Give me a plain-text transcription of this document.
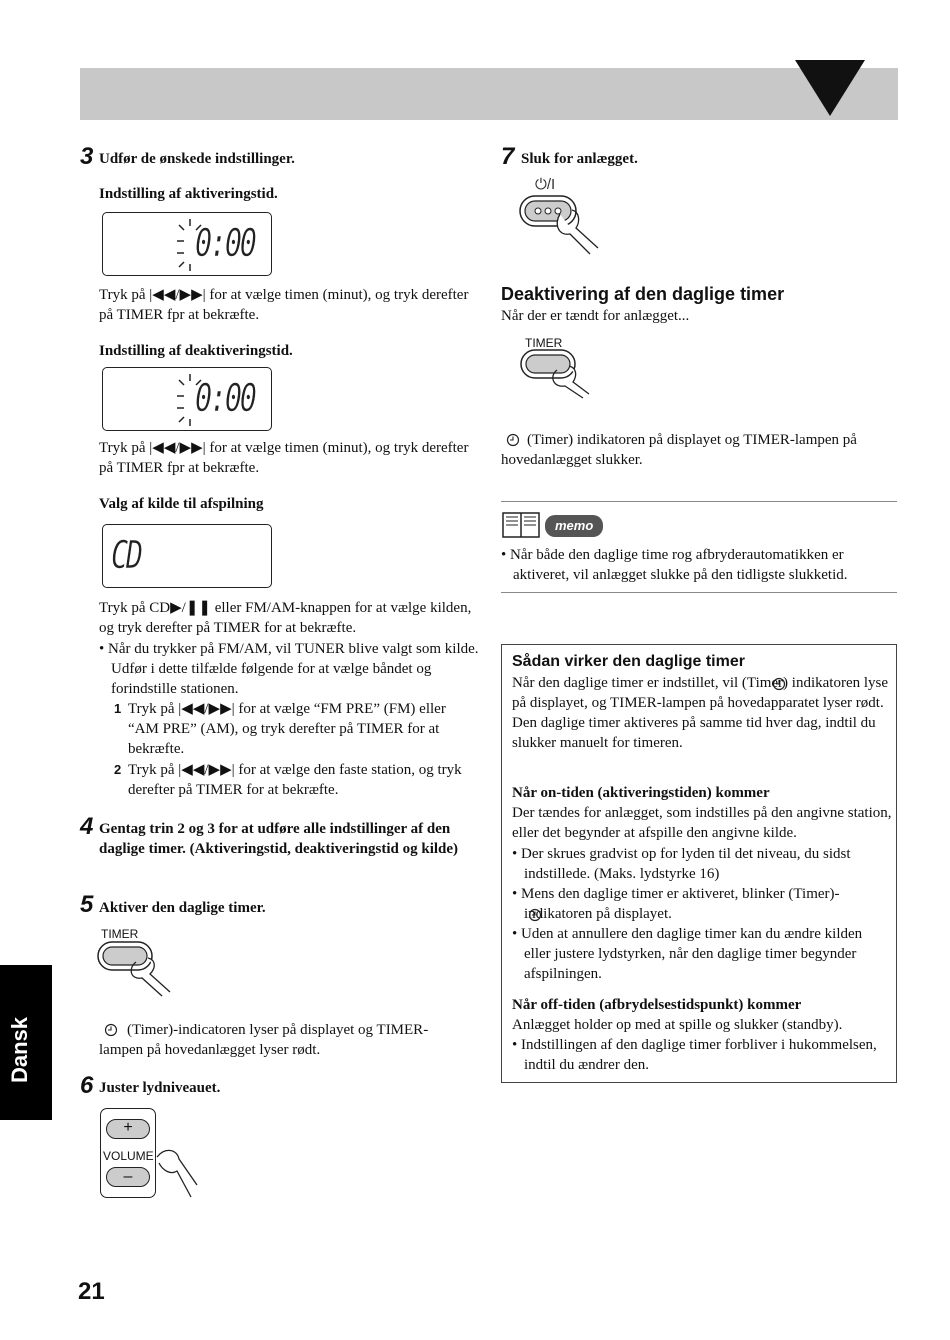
3 Udfør de ønskede indstillinger.
Indstilling af aktiveringstid.
0:00
Tryk på |◀◀/▶▶| for at vælge timen (minut), og tryk derefter på TIMER fpr at bekræfte.
Indstilling af deaktiveringstid.
0:00
Tryk på |◀◀/▶▶| for at vælge timen (minut), og tryk derefter på TIMER fpr at bekræfte.
Valg af kilde til afspilning
CD
Tryk på CD▶/❚❚ eller FM/AM-knappen for at vælge kilden, og tryk derefter på TIMER for at bekræfte.
• Når du trykker på FM/AM, vil TUNER blive valgt som kilde. Udfør i dette tilfælde følgende for at vælge båndet og forindstille stationen.
1 Tryk på |◀◀/▶▶| for at vælge “FM PRE” (FM) eller “AM PRE” (AM), og tryk derefter på TIMER for at bekræfte.
2 Tryk på |◀◀/▶▶| for at vælge den faste station, og tryk derefter på TIMER for at bekræfte.
4 Gentag trin 2 og 3 for at udføre alle indstillinger af den daglige timer. (Aktiveringstid, deaktiveringstid og kilde)
5 Aktiver den daglige timer.
TIMER
(Timer)-indicatoren lyser på displayet og TIMER-lampen på hovedanlægget lyser rødt.
6 Juster lydniveauet.
+
VOLUME
–
7 Sluk for anlægget.
⏻/I
Deaktivering af den daglige timer
Når der er tændt for anlægget...
TIMER
(Timer) indikatoren på displayet og TIMER-lampen på hovedanlægget slukker.
memo
• Når både den daglige time rog afbryderautomatikken er aktiveret, vil anlægget slukke på den tidligste slukketid.
Sådan virker den daglige timer
Når den daglige timer er indstillet, vil (Timer) indikatoren lyse på displayet, og TIMER-lampen på hovedapparatet lyser rødt. Den daglige timer aktiveres på samme tid hver dag, indtil du slukker manuelt for timeren.
Når on-tiden (aktiveringstiden) kommer
Der tændes for anlægget, som indstilles på den angivne station, eller det begynder at afspille den angivne kilde.
• Der skrues gradvist op for lyden til det niveau, du sidst indstillede. (Maks. lydstyrke 16)
• Mens den daglige timer er aktiveret, blinker (Timer)-indikatoren på displayet.
• Uden at annullere den daglige timer kan du ændre kilden eller justere lydstyrken, når den daglige timer begynder afspilningen.
Når off-tiden (afbrydelsestidspunkt) kommer
Anlægget holder op med at spille og slukker (standby).
• Indstillingen af den daglige timer forbliver i hukommelsen, indtil du ændrer den.
Dansk
21
